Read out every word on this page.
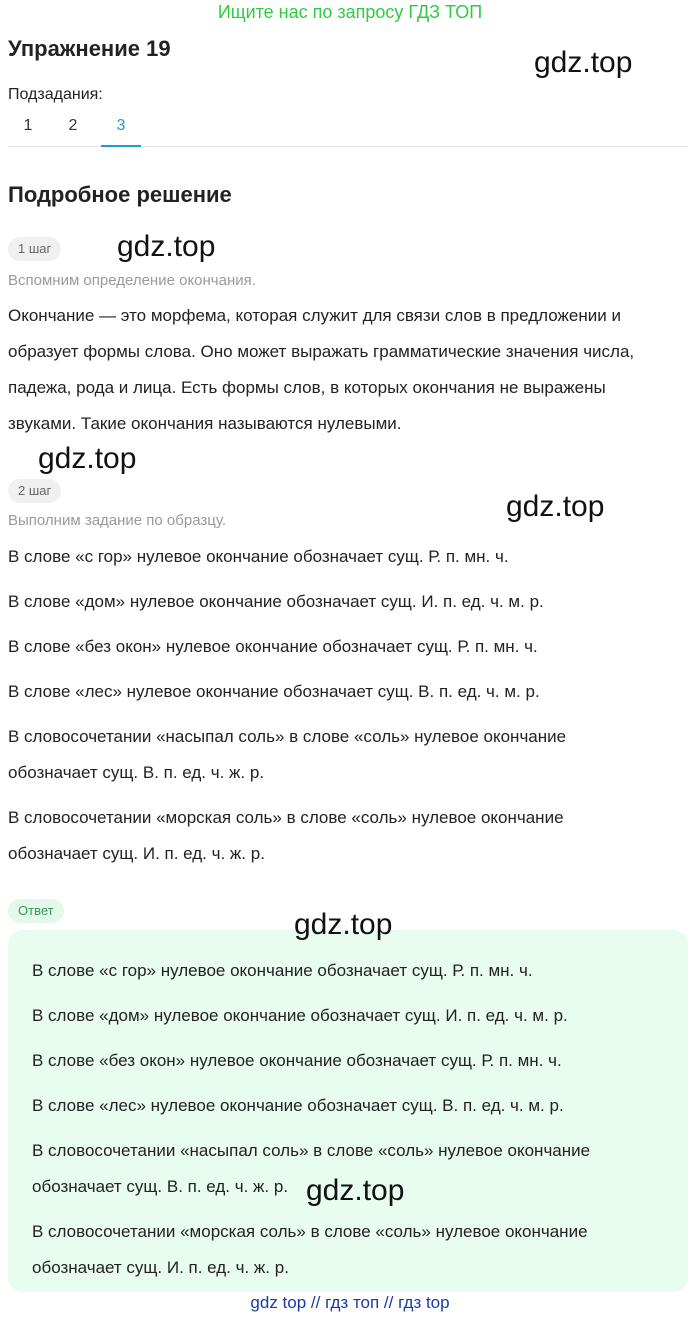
Ищите нас по запросу ГДЗ ТОП
Упражнение 19	gdz.top
Подзадания:
1	2	3
Подробное решение
1 шаг	gdz.top
Вспомним определение окончания.
Окончание — это морфема, которая служит для связи слов в предложении и
образует формы слова. Оно может выражать грамматические значения числа,
падежа, рода и лица. Есть формы слов, в которых окончания не выражены
звуками. Такие окончания называются нулевыми.
gdz.top
2 шаг	gdz.top
Выполним задание по образцу.
В слове «с гор» нулевое окончание обозначает сущ. Р. п. мн. ч.
В слове «дом» нулевое окончание обозначает сущ. И. п. ед. ч. м. р.
В слове «без окон» нулевое окончание обозначает сущ. Р. п. мн. ч.
В слове «лес» нулевое окончание обозначает сущ. В. п. ед. ч. м. р.
В словосочетании «насыпал соль» в слове «соль» нулевое окончание
обозначает сущ. В. п. ед. ч. ж. р.
В словосочетании «морская соль» в слове «соль» нулевое окончание
обозначает сущ. И. п. ед. ч. ж. р.
Ответ
В слове «с гор» нулевое окончание обозначает сущ. Р. п. мн. ч.
В слове «дом» нулевое окончание обозначает сущ. И. п. ед. ч. м. р.
В слове «без окон» нулевое окончание обозначает сущ. Р. п. мн. ч.
В слове «лес» нулевое окончание обозначает сущ. В. п. ед. ч. м. р.
В словосочетании «насыпал соль» в слове «соль» нулевое окончание
обозначает сущ. В. п. ед. ч. ж. р.
В словосочетании «морская соль» в слове «соль» нулевое окончание
обозначает сущ. И. п. ед. ч. ж. р.
gdz.top
gdz.top
gdz top // гдз топ // гдз top
